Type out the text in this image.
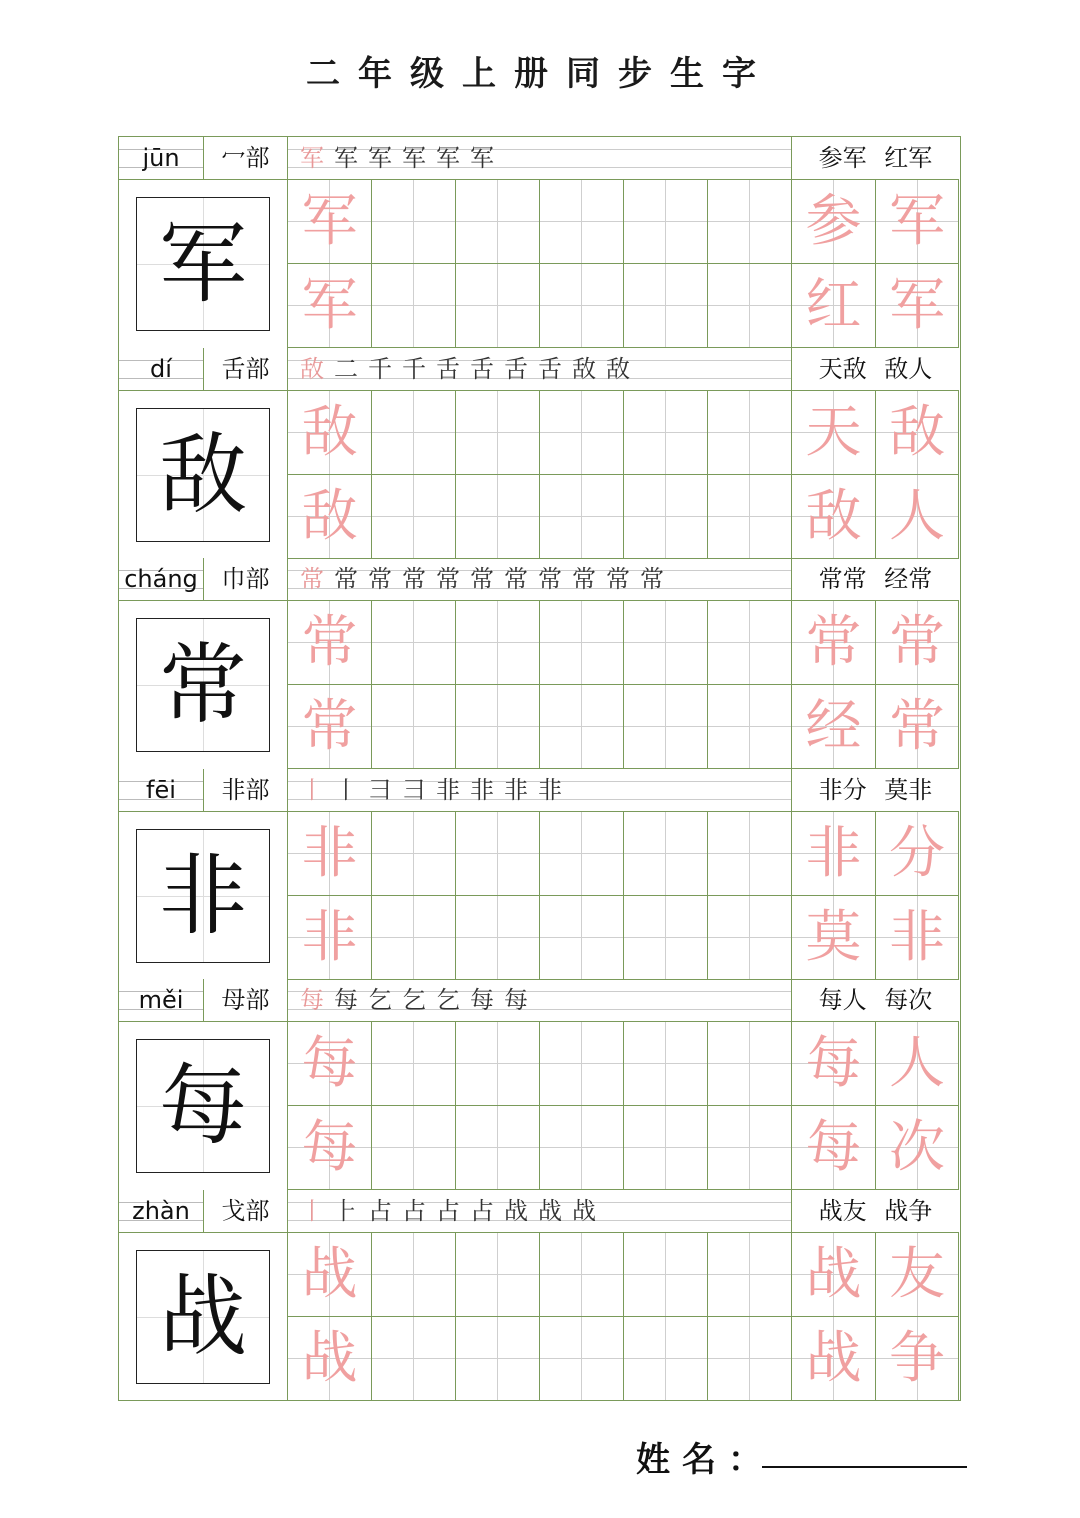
二年级上册同步生字
jūn	冖部	军军军军军军	参军 红军
军 军	参 军
军	红 军
dí	舌部	敌二千千舌舌舌舌敌敌	天敌 敌人
敌 敌	天 敌
敌	敌 人
cháng 巾部	常常常常常常常常常常常	常常 经常
常 常	常 常
常	经 常
fēi	非部	丨丨彐彐非非非非	非分 莫非
非 非	非 分
非	莫 非
měi	母部	每每乞乞乞每每	每人 每次
每 每	每 人
每	每 次
zhàn	戈部	丨⺊占占占占战战战	战友 战争
战 战	战 友
战	战 争
姓名：
